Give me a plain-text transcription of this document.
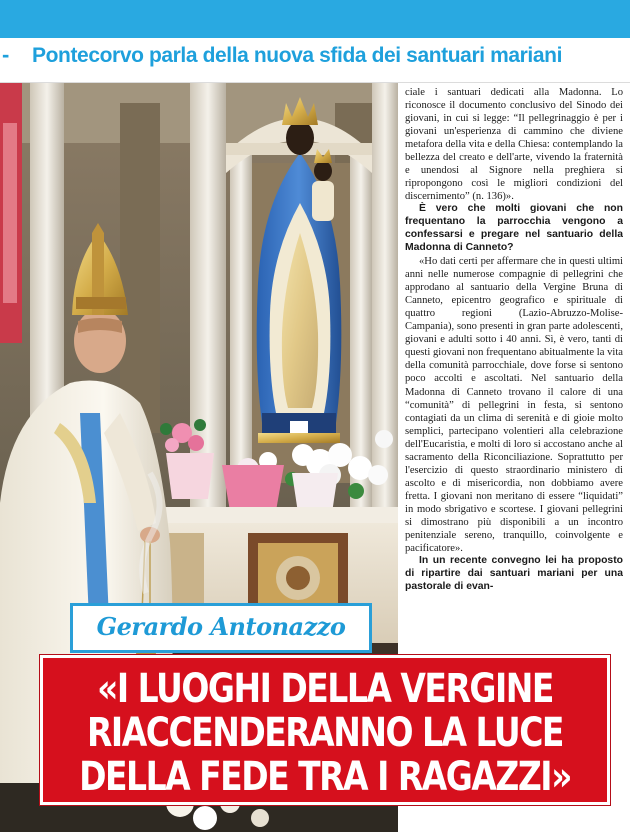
- Pontecorvo parla della nuova sfida dei santuari mariani

ciale i santuari dedicati alla Madonna. Lo riconosce il documento conclusivo del Sinodo dei giovani, in cui si legge: “Il pellegrinaggio è per i giovani un'esperienza di cammino che diviene metafora della vita e della Chiesa: contemplando la bellezza del creato e dell'arte, vivendo la fraternità e unendosi al Signore nella preghiera si ripropongono così le migliori condizioni del discernimento” (n. 136)».

È vero che molti giovani che non frequentano la parrocchia vengono a confessarsi e pregare nel santuario della Madonna di Canneto?

«Ho dati certi per affermare che in questi ultimi anni nelle numerose compagnie di pellegrini che approdano al santuario della Vergine Bruna di Canneto, epicentro geografico e spirituale di quattro regioni (Lazio-Abruzzo-Molise-Campania), sono presenti in gran parte adolescenti, giovani e adulti sotto i 40 anni. Sì, è vero, tanti di questi giovani non frequentano abitualmente la vita della comunità parrocchiale, dove forse si sentono poco accolti e ascoltati. Nel santuario della Madonna di Canneto trovano il calore di una “comunità” di pellegrini in festa, si sentono contagiati da un clima di serenità e di gioie molto semplici, partecipano volentieri alla celebrazione dell'Eucaristia, e molti di loro si accostano anche al sacramento della Riconciliazione. Soprattutto per l'esercizio di questo straordinario ministero di ascolto e di misericordia, non dobbiamo avere fretta. I giovani non meritano di essere “liquidati” in modo sbrigativo e scortese. I giovani pellegrini si dimostrano più disponibili a un incontro penitenziale sereno, tranquillo, coinvolgente e pacificatore».

In un recente convegno lei ha proposto di ripartire dai santuari mariani per una pastorale di evan-

Gerardo Antonazzo
«I LUOGHI DELLA VERGINE
RIACCENDERANNO LA LUCE
DELLA FEDE TRA I RAGAZZI»
